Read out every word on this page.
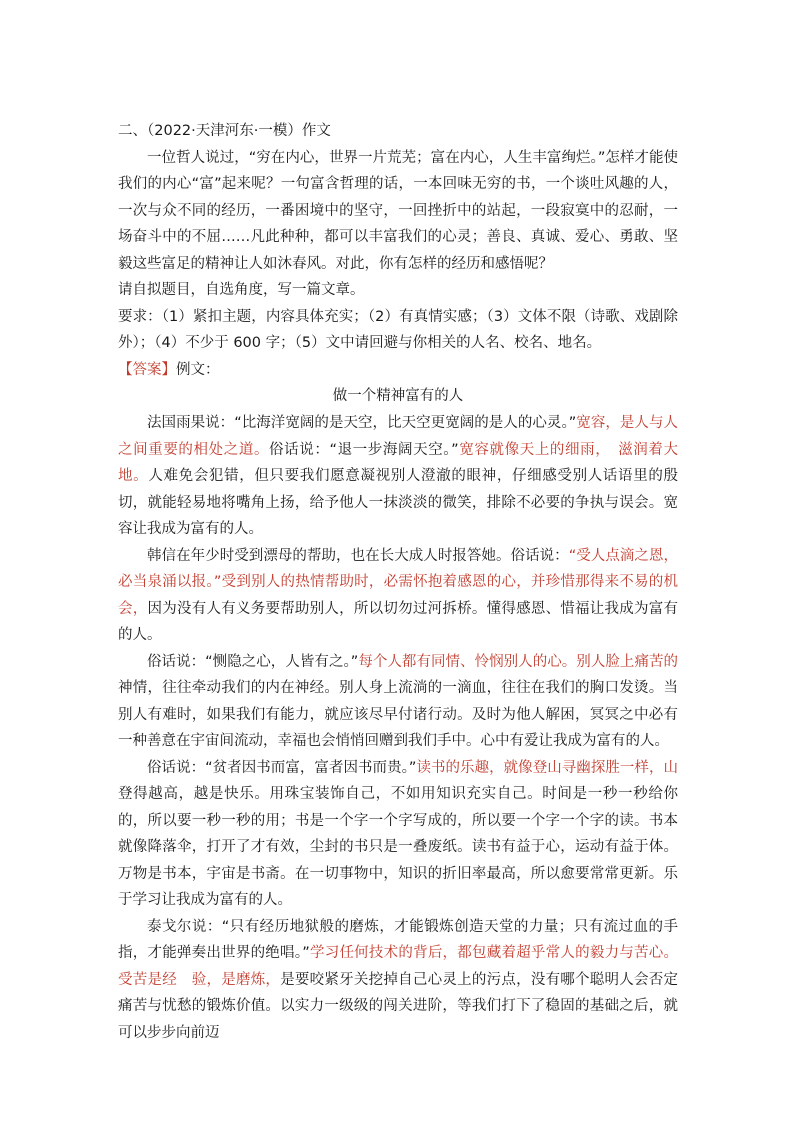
二、（2022·天津河东·一模）作文

一位哲人说过，“穷在内心，世界一片荒芜；富在内心，人生丰富绚烂。”怎样才能使我们的内心“富”起来呢？一句富含哲理的话，一本回味无穷的书，一个谈吐风趣的人， 一次与众不同的经历，一番困境中的坚守，一回挫折中的站起，一段寂寞中的忍耐，一场奋斗中的不屈……凡此种种，都可以丰富我们的心灵；善良、真诚、爱心、勇敢、坚毅这些富足的精神让人如沐春风。对此，你有怎样的经历和感悟呢？

请自拟题目，自选角度，写一篇文章。

要求：（1）紧扣主题，内容具体充实；（2）有真情实感；（3）文体不限（诗歌、戏剧除外）；（4）不少于 600 字；（5）文中请回避与你相关的人名、校名、地名。

【答案】例文：

做一个精神富有的人

法国雨果说：“比海洋宽阔的是天空，比天空更宽阔的是人的心灵。”宽容，是人与人之间重要的相处之道。俗话说：“退一步海阔天空。”宽容就像天上的细雨，　滋润着大地。人难免会犯错，但只要我们愿意凝视别人澄澈的眼神，仔细感受别人话语里的殷切，就能轻易地将嘴角上扬，给予他人一抹淡淡的微笑，排除不必要的争执与误会。宽容让我成为富有的人。

韩信在年少时受到漂母的帮助，也在长大成人时报答她。俗话说：“受人点滴之恩，必当泉涌以报。”受到别人的热情帮助时，必需怀抱着感恩的心，并珍惜那得来不易的机会，因为没有人有义务要帮助别人，所以切勿过河拆桥。懂得感恩、惜福让我成为富有的人。

俗话说：“恻隐之心，人皆有之。”每个人都有同情、怜悯别人的心。别人脸上痛苦的神情，往往牵动我们的内在神经。别人身上流淌的一滴血，往往在我们的胸口发烫。当别人有难时，如果我们有能力，就应该尽早付诸行动。及时为他人解困，冥冥之中必有一种善意在宇宙间流动，幸福也会悄悄回赠到我们手中。心中有爱让我成为富有的人。

俗话说：“贫者因书而富，富者因书而贵。”读书的乐趣，就像登山寻幽探胜一样，山登得越高，越是快乐。用珠宝装饰自己，不如用知识充实自己。时间是一秒一秒给你的，所以要一秒一秒的用；书是一个字一个字写成的，所以要一个字一个字的读。书本就像降落伞，打开了才有效，尘封的书只是一叠废纸。读书有益于心，运动有益于体。万物是书本，宇宙是书斋。在一切事物中，知识的折旧率最高，所以愈要常常更新。乐于学习让我成为富有的人。

泰戈尔说：“只有经历地狱般的磨炼，才能锻炼创造天堂的力量；只有流过血的手指，才能弹奏出世界的绝唱。”学习任何技术的背后，都包藏着超乎常人的毅力与苦心。受苦是经　验，是磨炼，是要咬紧牙关挖掉自己心灵上的污点，没有哪个聪明人会否定痛苦与忧愁的锻炼价值。以实力一级级的闯关进阶，等我们打下了稳固的基础之后，就可以步步向前迈
